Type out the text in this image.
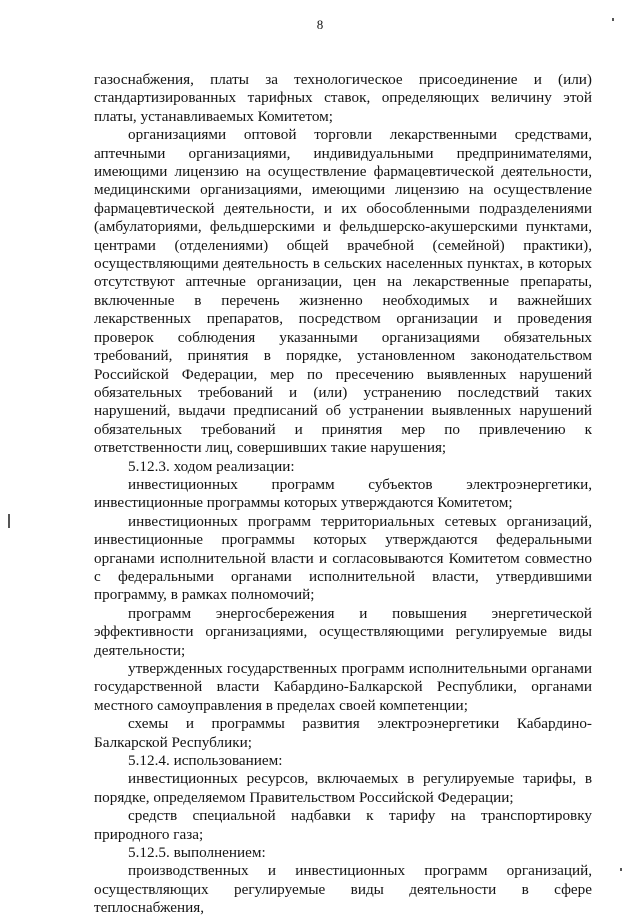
8

газоснабжения, платы за технологическое присоединение и (или) стандартизированных тарифных ставок, определяющих величину этой платы, устанавливаемых Комитетом;

организациями оптовой торговли лекарственными средствами, аптечными организациями, индивидуальными предпринимателями, имеющими лицензию на осуществление фармацевтической деятельности, медицинскими организациями, имеющими лицензию на осуществление фармацевтической деятельности, и их обособленными подразделениями (амбулаториями, фельдшерскими и фельдшерско-акушерскими пунктами, центрами (отделениями) общей врачебной (семейной) практики), осуществляющими деятельность в сельских населенных пунктах, в которых отсутствуют аптечные организации, цен на лекарственные препараты, включенные в перечень жизненно необходимых и важнейших лекарственных препаратов, посредством организации и проведения проверок соблюдения указанными организациями обязательных требований, принятия в порядке, установленном законодательством Российской Федерации, мер по пресечению выявленных нарушений обязательных требований и (или) устранению последствий таких нарушений, выдачи предписаний об устранении выявленных нарушений обязательных требований и принятия мер по привлечению к ответственности лиц, совершивших такие нарушения;

5.12.3. ходом реализации:

инвестиционных программ субъектов электроэнергетики, инвестиционные программы которых утверждаются Комитетом;

инвестиционных программ территориальных сетевых организаций, инвестиционные программы которых утверждаются федеральными органами исполнительной власти и согласовываются Комитетом совместно с федеральными органами исполнительной власти, утвердившими программу, в рамках полномочий;

программ энергосбережения и повышения энергетической эффективности организациями, осуществляющими регулируемые виды деятельности;

утвержденных государственных программ исполнительными органами государственной власти Кабардино-Балкарской Республики, органами местного самоуправления в пределах своей компетенции;

схемы и программы развития электроэнергетики Кабардино-Балкарской Республики;

5.12.4. использованием:

инвестиционных ресурсов, включаемых в регулируемые тарифы, в порядке, определяемом Правительством Российской Федерации;

средств специальной надбавки к тарифу на транспортировку природного газа;

5.12.5. выполнением:

производственных и инвестиционных программ организаций, осуществляющих регулируемые виды деятельности в сфере теплоснабжения,
